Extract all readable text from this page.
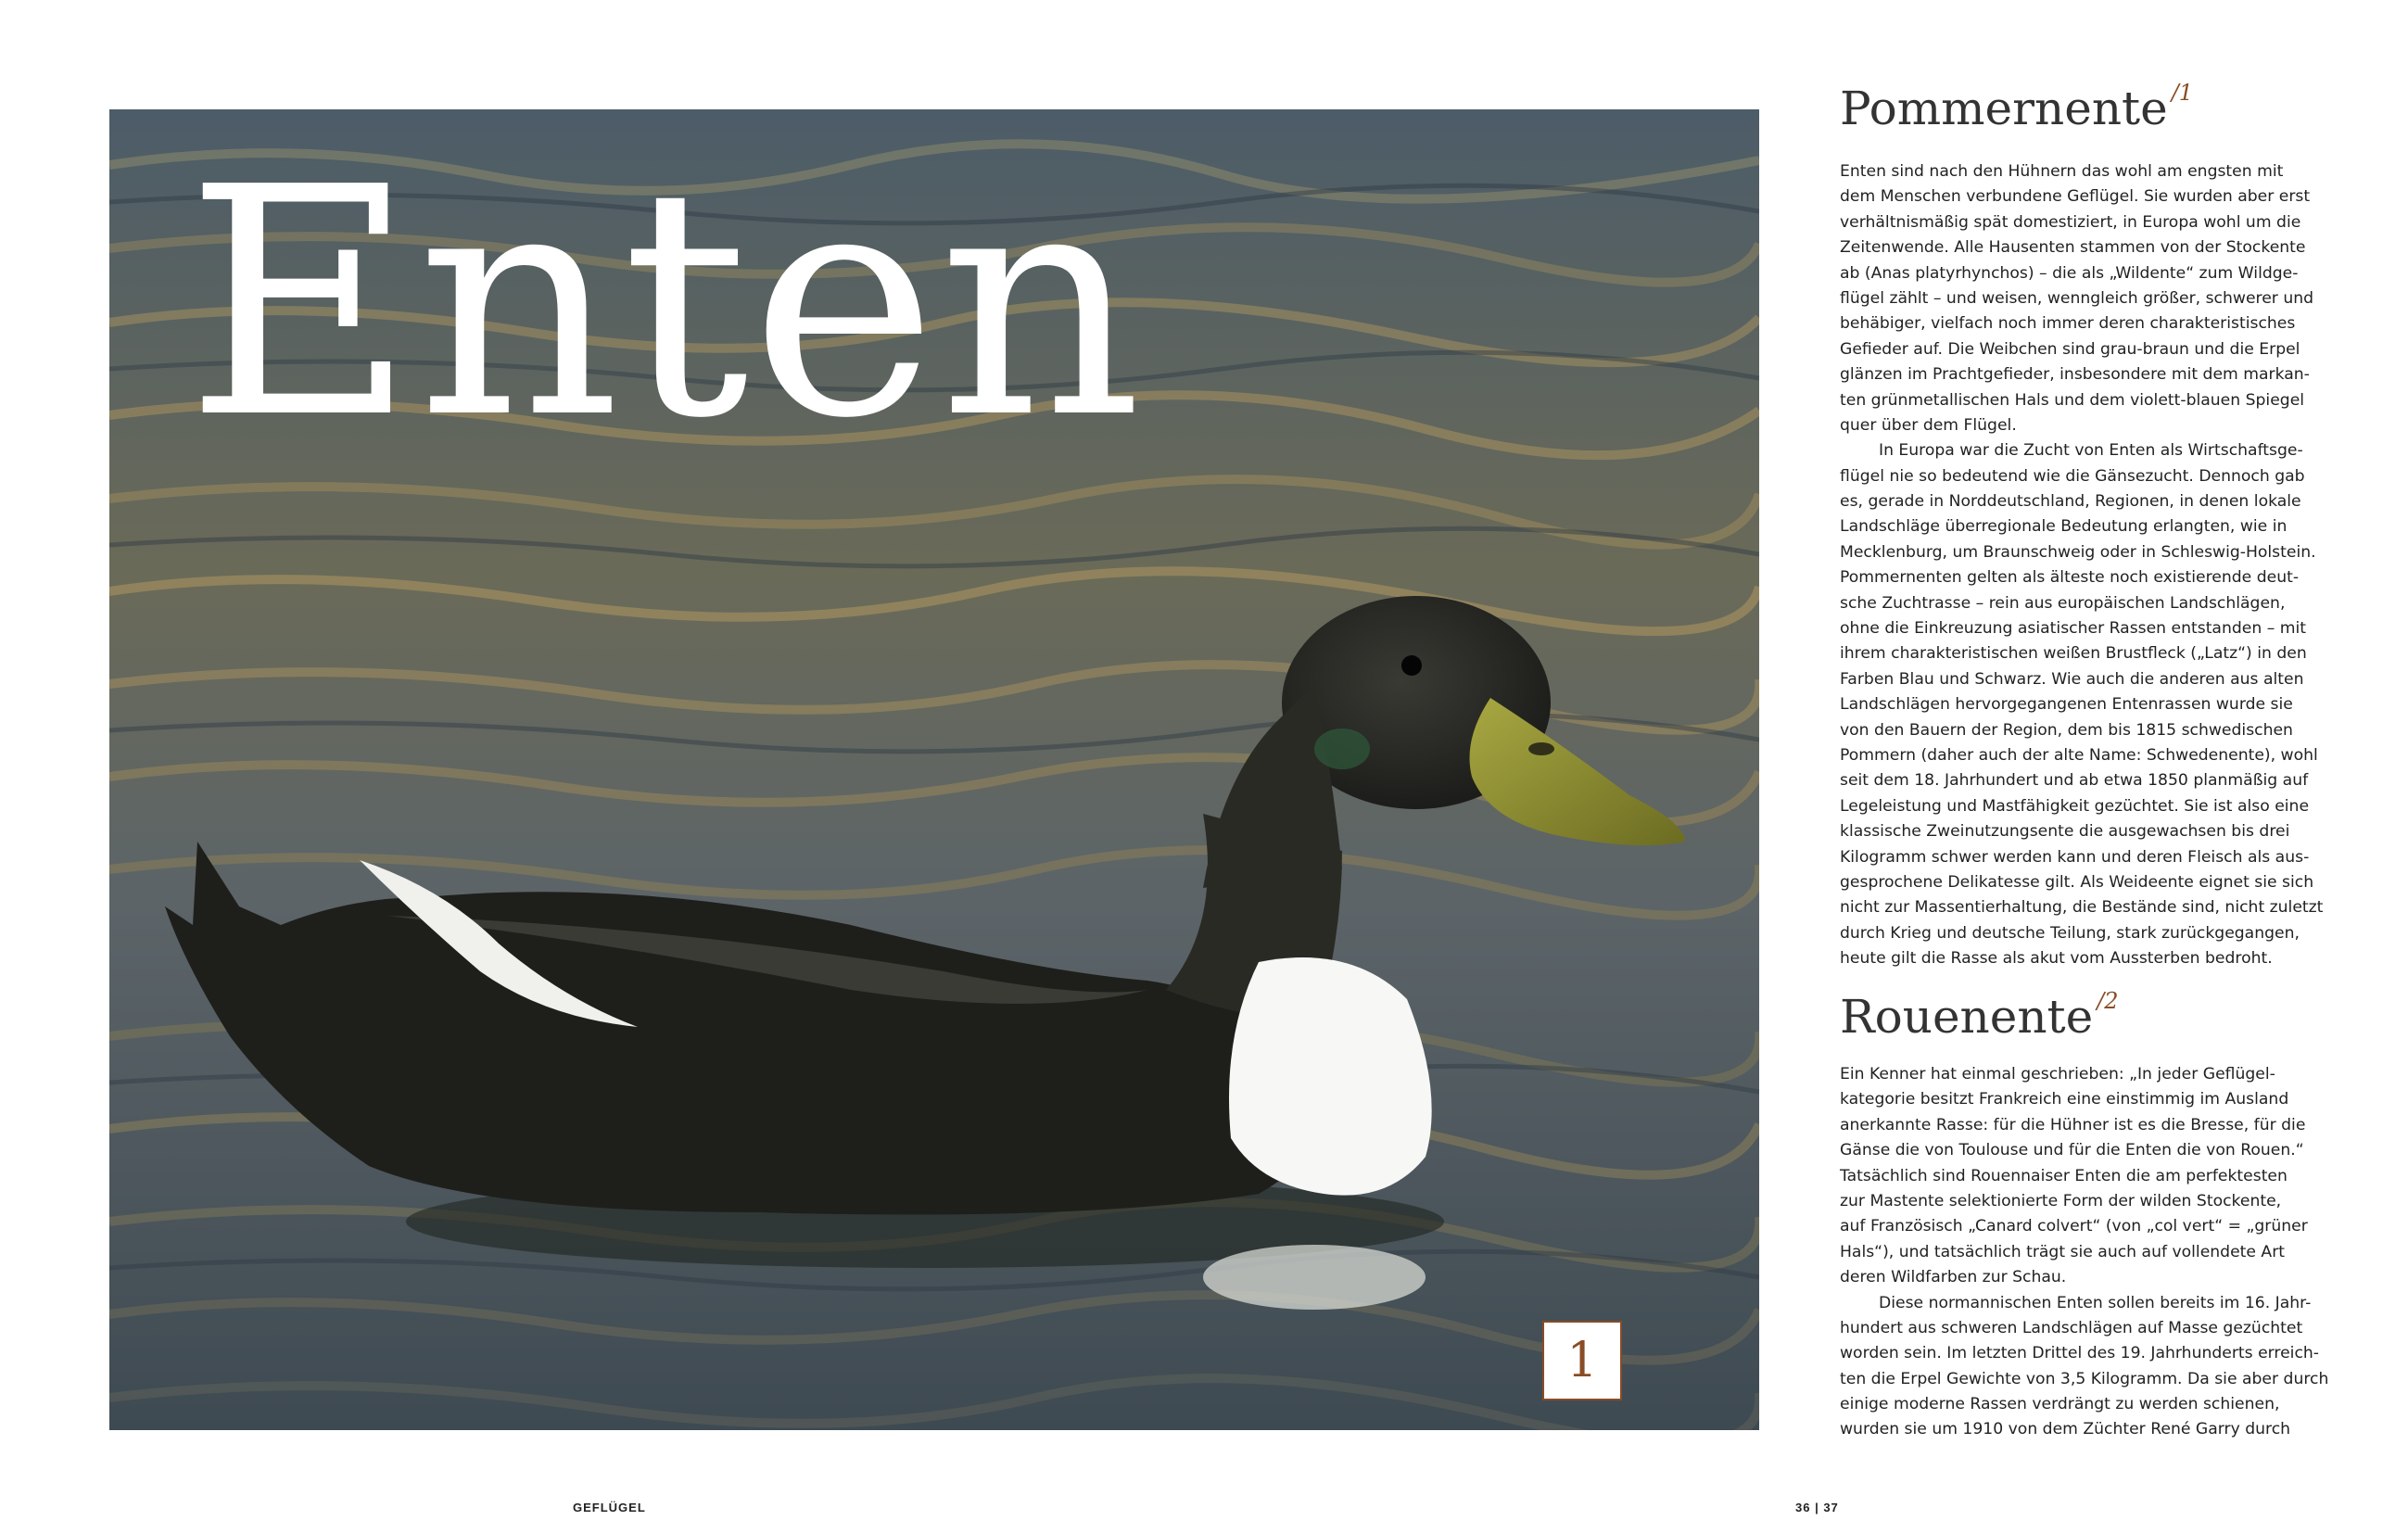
Enten
1
Pommernente $^{/1}$
Enten sind nach den Hühnern das wohl am engsten mit
dem Menschen verbundene Geflügel. Sie wurden aber erst
verhältnismäßig spät domestiziert, in Europa wohl um die
Zeitenwende. Alle Hausenten stammen von der Stockente
ab (Anas platyrhynchos) – die als „Wildente“ zum Wildge-
flügel zählt – und weisen, wenngleich größer, schwerer und
behäbiger, vielfach noch immer deren charakteristisches
Gefieder auf. Die Weibchen sind grau-braun und die Erpel
glänzen im Prachtgefieder, insbesondere mit dem markan-
ten grünmetallischen Hals und dem violett-blauen Spiegel
quer über dem Flügel.
In Europa war die Zucht von Enten als Wirtschaftsge-
flügel nie so bedeutend wie die Gänsezucht. Dennoch gab
es, gerade in Norddeutschland, Regionen, in denen lokale
Landschläge überregionale Bedeutung erlangten, wie in
Mecklenburg, um Braunschweig oder in Schleswig-Holstein.
Pommernenten gelten als älteste noch existierende deut-
sche Zuchtrasse – rein aus europäischen Landschlägen,
ohne die Einkreuzung asiatischer Rassen entstanden – mit
ihrem charakteristischen weißen Brustfleck („Latz“) in den
Farben Blau und Schwarz. Wie auch die anderen aus alten
Landschlägen hervorgegangenen Entenrassen wurde sie
von den Bauern der Region, dem bis 1815 schwedischen
Pommern (daher auch der alte Name: Schwedenente), wohl
seit dem 18. Jahrhundert und ab etwa 1850 planmäßig auf
Legeleistung und Mastfähigkeit gezüchtet. Sie ist also eine
klassische Zweinutzungsente die ausgewachsen bis drei
Kilogramm schwer werden kann und deren Fleisch als aus-
gesprochene Delikatesse gilt. Als Weideente eignet sie sich
nicht zur Massentierhaltung, die Bestände sind, nicht zuletzt
durch Krieg und deutsche Teilung, stark zurückgegangen,
heute gilt die Rasse als akut vom Aussterben bedroht.
Rouenente $^{/2}$
Ein Kenner hat einmal geschrieben: „In jeder Geflügel-
kategorie besitzt Frankreich eine einstimmig im Ausland
anerkannte Rasse: für die Hühner ist es die Bresse, für die
Gänse die von Toulouse und für die Enten die von Rouen.“
Tatsächlich sind Rouennaiser Enten die am perfektesten
zur Mastente selektionierte Form der wilden Stockente,
auf Französisch „Canard colvert“ (von „col vert“ = „grüner
Hals“), und tatsächlich trägt sie auch auf vollendete Art
deren Wildfarben zur Schau.
Diese normannischen Enten sollen bereits im 16. Jahr-
hundert aus schweren Landschlägen auf Masse gezüchtet
worden sein. Im letzten Drittel des 19. Jahrhunderts erreich-
ten die Erpel Gewichte von 3,5 Kilogramm. Da sie aber durch
einige moderne Rassen verdrängt zu werden schienen,
wurden sie um 1910 von dem Züchter René Garry durch
GEFLÜGEL	36 | 37
